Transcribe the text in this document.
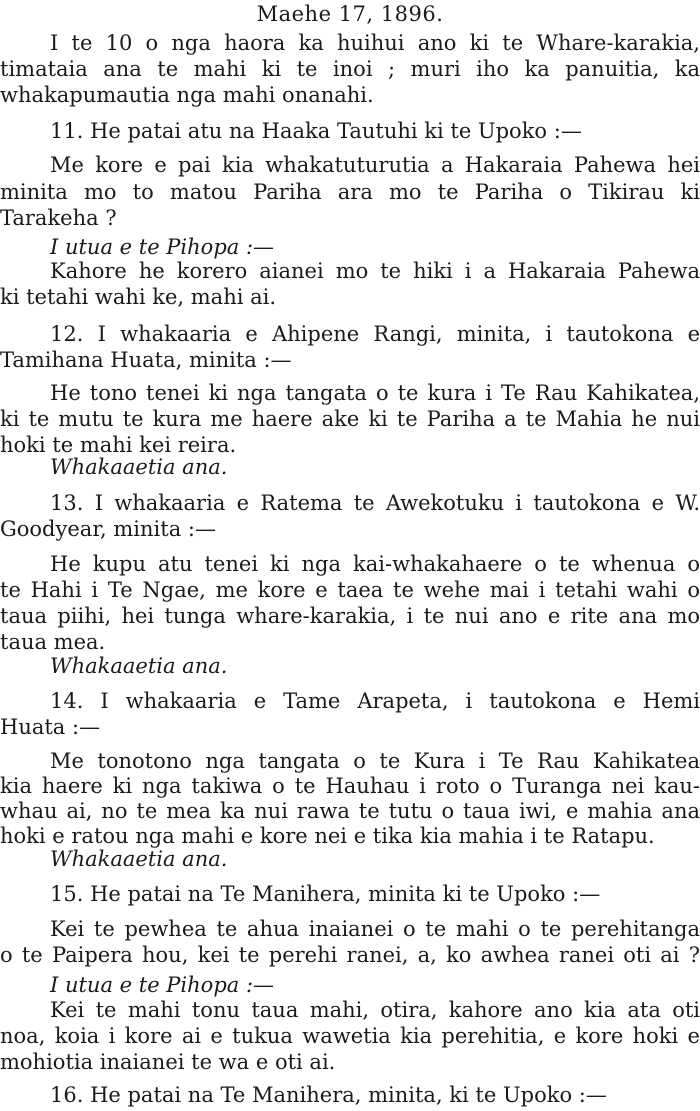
Maehe 17, 1896.
I te 10 o nga haora ka huihui ano ki te Whare-karakia,
timataia ana te mahi ki te inoi ; muri iho ka panuitia, ka
whakapumautia nga mahi onanahi.
11. He patai atu na Haaka Tautuhi ki te Upoko :—
Me kore e pai kia whakatuturutia a Hakaraia Pahewa hei
minita mo to matou Pariha ara mo te Pariha o Tikirau ki
Tarakeha ?
I utua e te Pihopa :—
Kahore he korero aianei mo te hiki i a Hakaraia Pahewa
ki tetahi wahi ke, mahi ai.
12. I whakaaria e Ahipene Rangi, minita, i tautokona e
Tamihana Huata, minita :—
He tono tenei ki nga tangata o te kura i Te Rau Kahikatea,
ki te mutu te kura me haere ake ki te Pariha a te Mahia he nui
hoki te mahi kei reira.
Whakaaetia ana.
13. I whakaaria e Ratema te Awekotuku i tautokona e W.
Goodyear, minita :—
He kupu atu tenei ki nga kai-whakahaere o te whenua o
te Hahi i Te Ngae, me kore e taea te wehe mai i tetahi wahi o
taua piihi, hei tunga whare-karakia, i te nui ano e rite ana mo
taua mea.
Whakaaetia ana.
14. I whakaaria e Tame Arapeta, i tautokona e Hemi
Huata :—
Me tonotono nga tangata o te Kura i Te Rau Kahikatea
kia haere ki nga takiwa o te Hauhau i roto o Turanga nei kau-
whau ai, no te mea ka nui rawa te tutu o taua iwi, e mahia ana
hoki e ratou nga mahi e kore nei e tika kia mahia i te Ratapu.
Whakaaetia ana.
15. He patai na Te Manihera, minita ki te Upoko :—
Kei te pewhea te ahua inaianei o te mahi o te perehitanga
o te Paipera hou, kei te perehi ranei, a, ko awhea ranei oti ai ?
I utua e te Pihopa :—
Kei te mahi tonu taua mahi, otira, kahore ano kia ata oti
noa, koia i kore ai e tukua wawetia kia perehitia, e kore hoki e
mohiotia inaianei te wa e oti ai.
16. He patai na Te Manihera, minita, ki te Upoko :—
